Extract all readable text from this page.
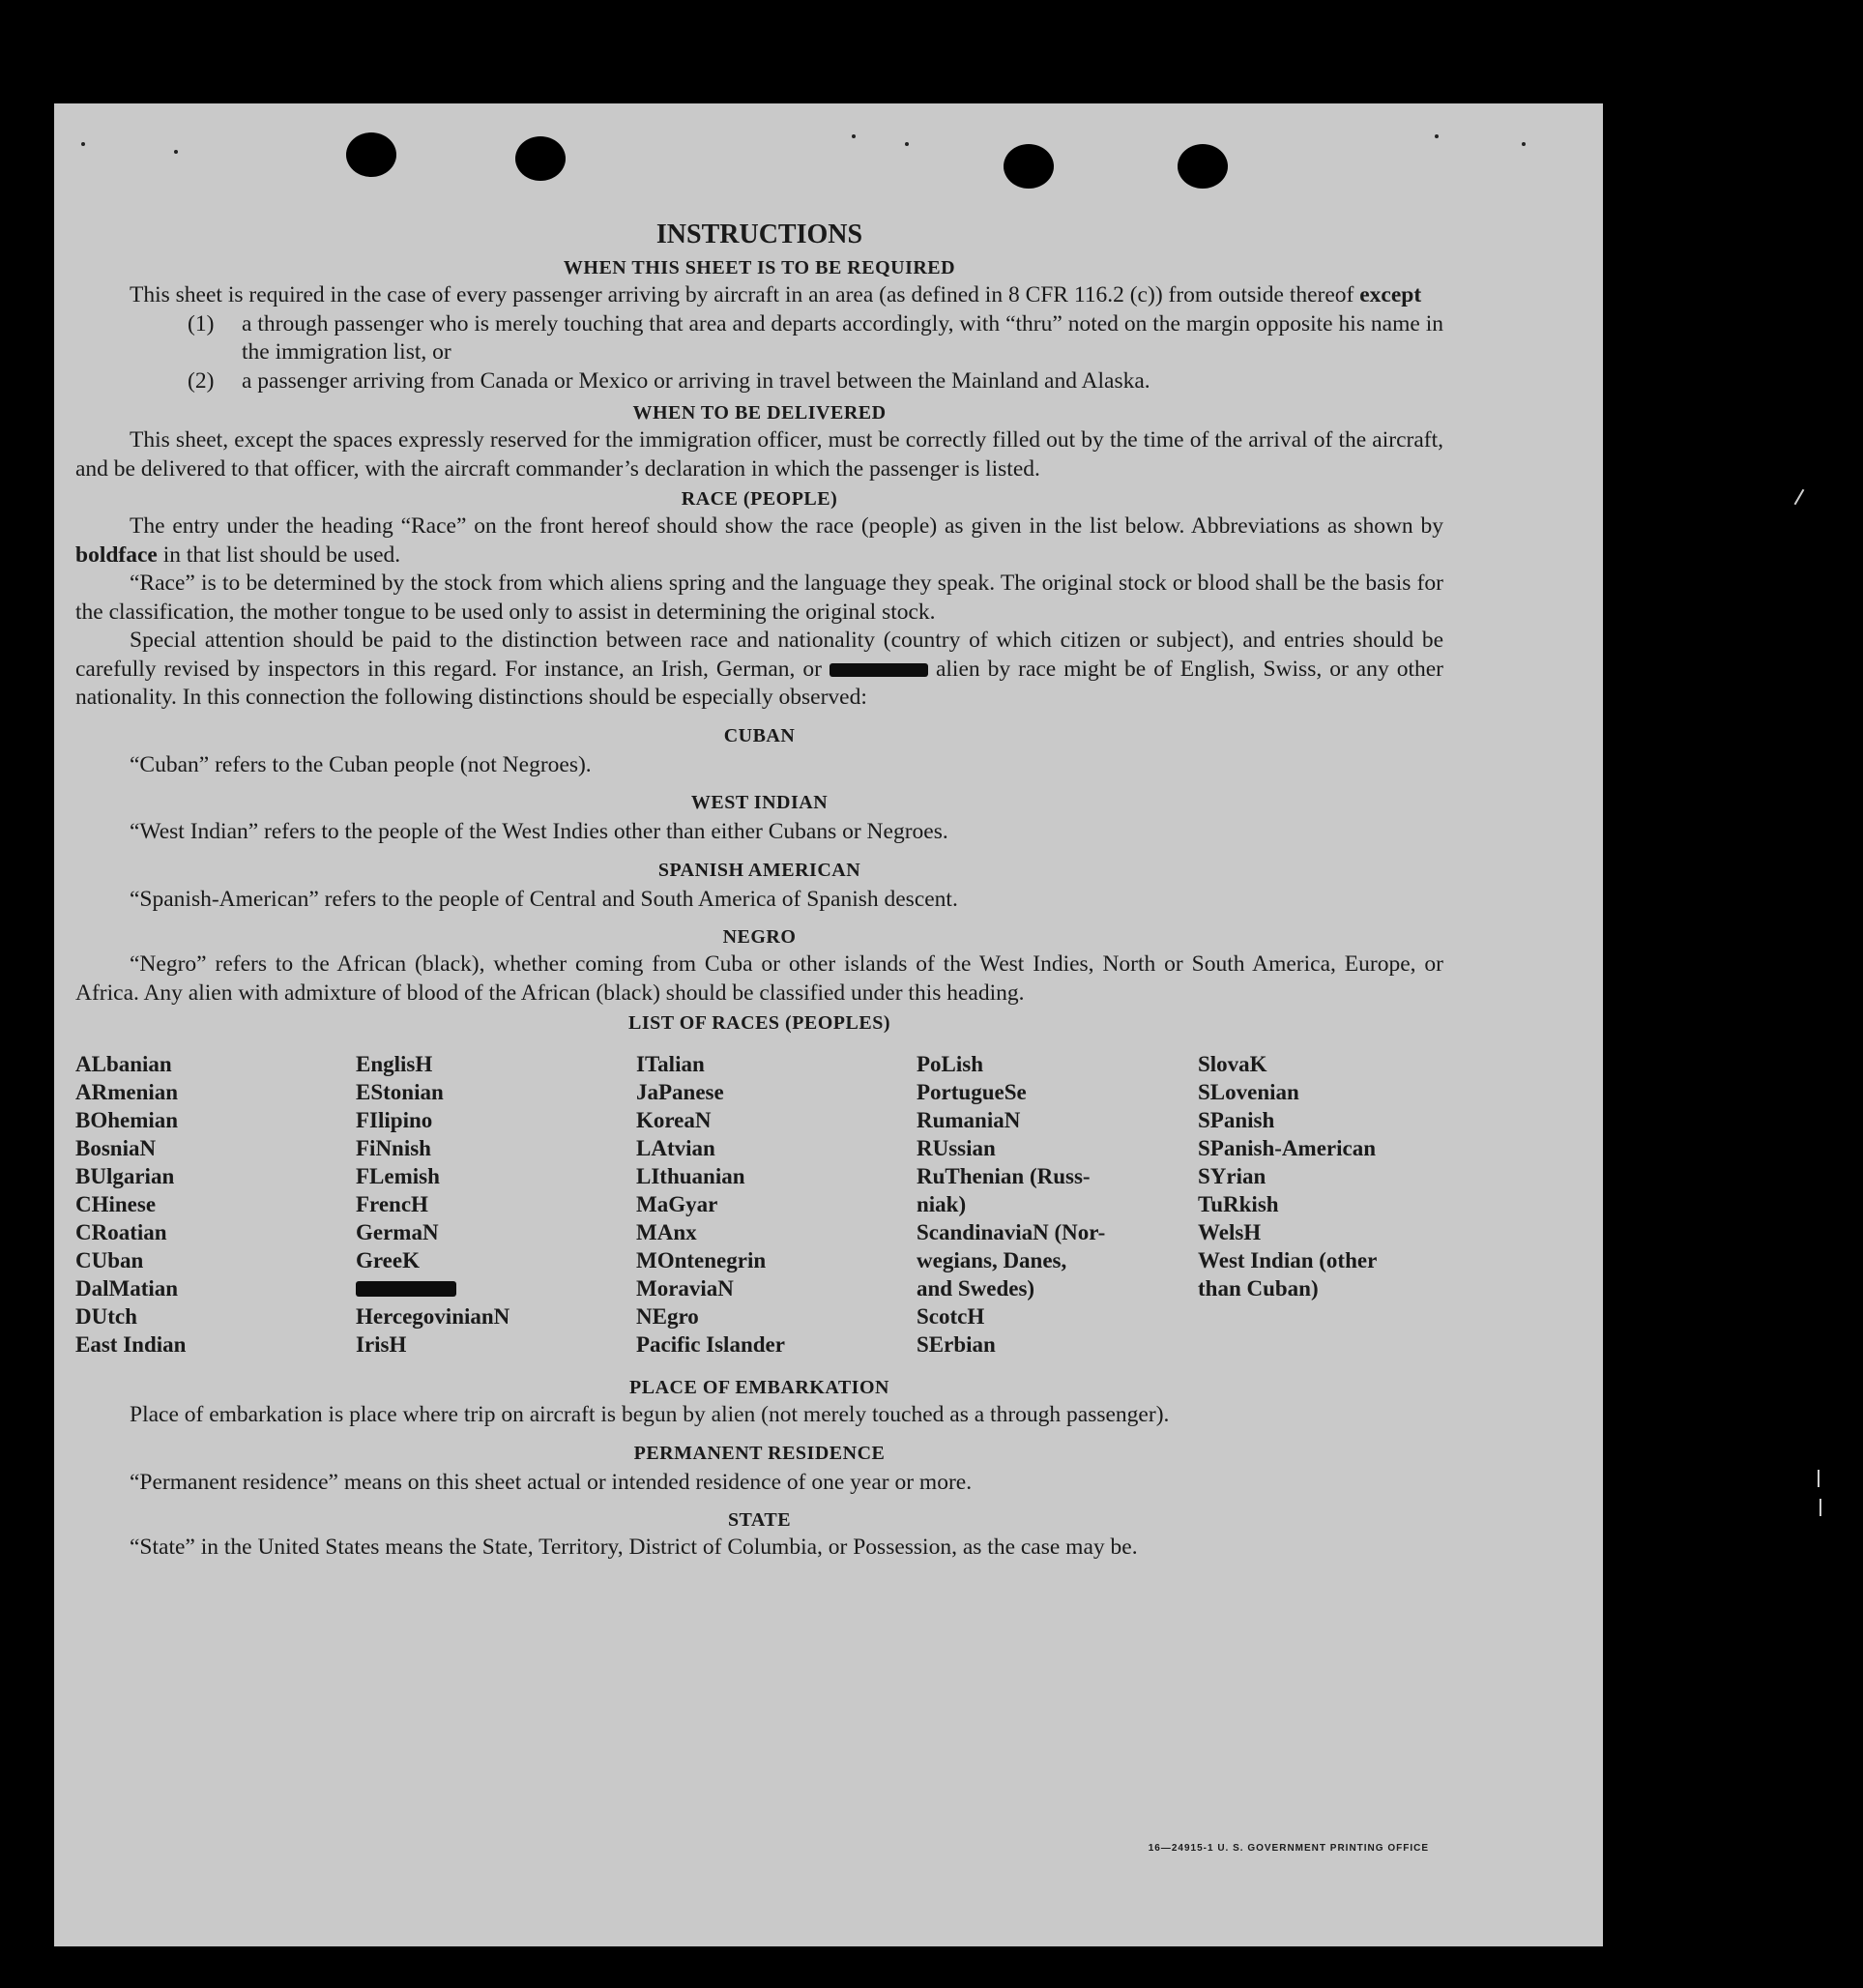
INSTRUCTIONS
WHEN THIS SHEET IS TO BE REQUIRED

This sheet is required in the case of every passenger arriving by aircraft in an area (as defined in 8 CFR 116.2 (c)) from outside thereof except

(1)	a through passenger who is merely touching that area and departs accordingly, with “thru” noted on the margin opposite his name in the immigration list, or
(2)	a passenger arriving from Canada or Mexico or arriving in travel between the Mainland and Alaska.
WHEN TO BE DELIVERED

This sheet, except the spaces expressly reserved for the immigration officer, must be correctly filled out by the time of the arrival of the aircraft, and be delivered to that officer, with the aircraft commander’s declaration in which the passenger is listed.

RACE (PEOPLE)

The entry under the heading “Race” on the front hereof should show the race (people) as given in the list below. Abbreviations as shown by boldface in that list should be used.

“Race” is to be determined by the stock from which aliens spring and the language they speak. The original stock or blood shall be the basis for the classification, the mother tongue to be used only to assist in determining the original stock.

Special attention should be paid to the distinction between race and nationality (country of which citizen or subject), and entries should be carefully revised by inspectors in this regard. For instance, an Irish, German, or	alien by race might be of English, Swiss, or any other nationality. In this connection the following distinctions should be especially observed:

CUBAN

“Cuban” refers to the Cuban people (not Negroes).

WEST INDIAN

“West Indian” refers to the people of the West Indies other than either Cubans or Negroes.

SPANISH AMERICAN

“Spanish-American” refers to the people of Central and South America of Spanish descent.

NEGRO

“Negro” refers to the African (black), whether coming from Cuba or other islands of the West Indies, North or South America, Europe, or Africa. Any alien with admixture of blood of the African (black) should be classified under this heading.

LIST OF RACES (PEOPLES)
ALbanian
ARmenian
BOhemian
BosniaN
BUlgarian
CHinese
CRoatian
CUban
DalMatian
DUtch
East Indian
EnglisH
EStonian
FIlipino
FiNnish
FLemish
FrencH
GermaN
GreeK
HercegovinianN
IrisH
ITalian
JaPanese
KoreaN
LAtvian
LIthuanian
MaGyar
MAnx
MOntenegrin
MoraviaN
NEgro
Pacific Islander
PoLish
PortugueSe
RumaniaN
RUssian
RuThenian (Russ-
niak)
ScandinaviaN (Nor-
wegians, Danes,
and Swedes)
ScotcH
SErbian
SlovaK
SLovenian
SPanish
SPanish-American
SYrian
TuRkish
WelsH
West Indian (other
than Cuban)
PLACE OF EMBARKATION

Place of embarkation is place where trip on aircraft is begun by alien (not merely touched as a through passenger).

PERMANENT RESIDENCE

“Permanent residence” means on this sheet actual or intended residence of one year or more.

STATE

“State” in the United States means the State, Territory, District of Columbia, or Possession, as the case may be.

16—24915-1 U. S. GOVERNMENT PRINTING OFFICE
